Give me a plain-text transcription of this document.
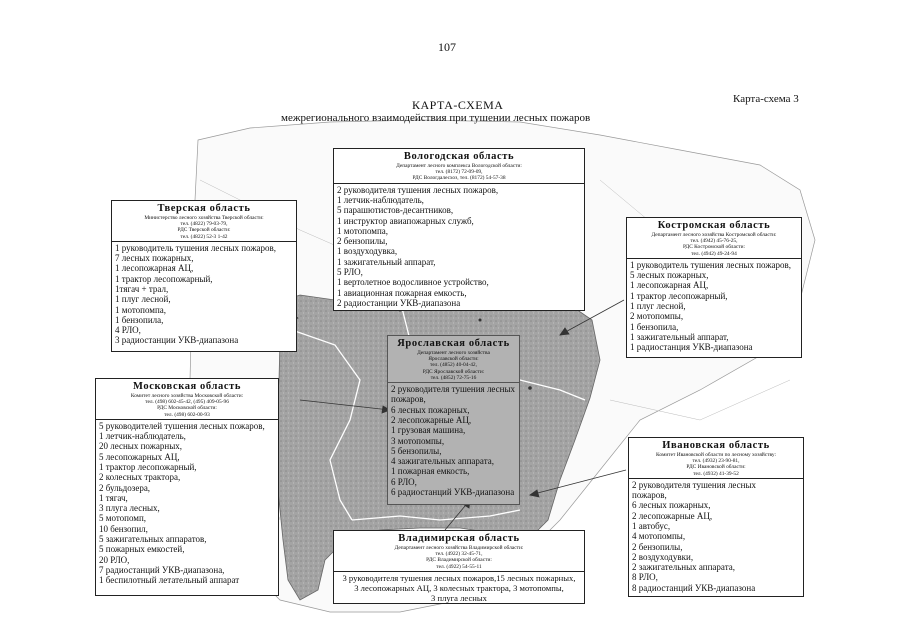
107
Карта-схема 3
КАРТА-СХЕМА
межрегионального взаимодействия при тушении лесных пожаров
Вологодская область
Департамент лесного комплекса Вологодской области:
тел. (8172) 72-09-09,
РДС Вологдалесхоз, тел. (8172) 54-57-38
2 руководителя тушения лесных пожаров,
1 летчик-наблюдатель,
5 парашютистов-десантников,
1 инструктор авиапожарных служб,
1 мотопомпа,
2 бензопилы,
1 воздуходувка,
1 зажигательный аппарат,
5 РЛО,
1 вертолетное водосливное устройство,
1 авиационная пожарная емкость,
2 радиостанции УКВ-диапазона
Тверская область
Министерство лесного хозяйства Тверской области:
тел. (4822) 79-03-79,
РДС Тверской области:
тел. (4822) 52-3 1-42
1 руководитель тушения лесных пожаров,
7 лесных пожарных,
1 лесопожарная АЦ,
1 трактор лесопожарный,
1тягач + трал,
1 плуг лесной,
1 мотопомпа,
1 бензопила,
4 РЛО,
3 радиостанции УКВ-диапазона
Костромская область
Департамент лесного хозяйства Костромской области:
тел. (4942) 45-76-25,
РДС Костромской области:
тел. (4942) 49-24-94
1 руководитель тушения лесных пожаров,
5 лесных пожарных,
1 лесопожарная АЦ,
1 трактор лесопожарный,
1 плуг лесной,
2 мотопомпы,
1 бензопила,
1 зажигательный аппарат,
1 радиостанция УКВ-диапазона
Ярославская область
Департамент лесного хозяйства
Ярославской области:
тел. (4852) 40-04-42,
РДС Ярославской области:
тел. (4852) 72-75-16
2 руководителя тушения лесных
пожаров,
6 лесных пожарных,
2 лесопожарные АЦ,
1 грузовая машина,
3 мотопомпы,
5 бензопилы,
4 зажигательных аппарата,
1 пожарная емкость,
6 РЛО,
6 радиостанций УКВ-диапазона
Московская область
Комитет лесного хозяйства Московской области:
тел. (498) 602-45-42, (495) 409-05-96
РДС Московской области:
тел. (498) 602-00-93
5 руководителей тушения лесных пожаров,
1 летчик-наблюдатель,
20 лесных пожарных,
5 лесопожарных АЦ,
1 трактор лесопожарный,
2 колесных трактора,
2 бульдозера,
1 тягач,
3 плуга лесных,
5 мотопомп,
10 бензопил,
5 зажигательных аппаратов,
5 пожарных емкостей,
20 РЛО,
7 радиостанций УКВ-диапазона,
1 беспилотный летательный аппарат
Ивановская область
Комитет Ивановской области по лесному хозяйству:
тел. (4932) 23-90-81,
РДС Ивановской области:
тел. (4932) 41-39-52
2 руководителя тушения лесных
пожаров,
6 лесных пожарных,
2 лесопожарные АЦ,
1 автобус,
4 мотопомпы,
2 бензопилы,
2 воздуходувки,
2 зажигательных аппарата,
8 РЛО,
8 радиостанций УКВ-диапазона
Владимирская область
Департамент лесного хозяйства Владимирской области:
тел. (4922) 32-45-71,
РДС Владимирской области:
тел. (4922) 54-55-11
3 руководителя тушения лесных пожаров,15 лесных пожарных,
3 лесопожарных АЦ, 3 колесных трактора, 3 мотопомпы,
3 плуга лесных
